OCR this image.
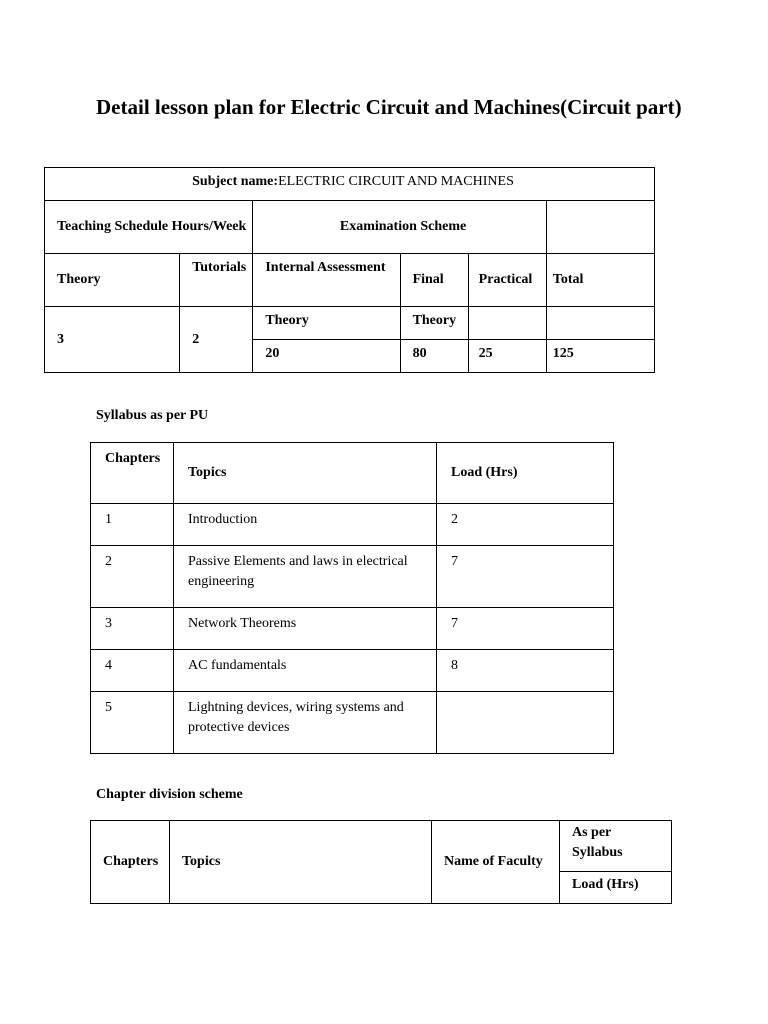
Detail lesson plan for Electric Circuit and Machines(Circuit part)
Subject name:ELECTRIC CIRCUIT AND MACHINES					
Teaching Schedule Hours/Week		Examination Scheme			
Theory	Tutorials	Internal Assessment	Final	Practical	Total
3	2	Theory	Theory		
		20	80	25	125

Syllabus as per PU

Chapters	Topics	Load (Hrs)
1	Introduction	2
2	Passive Elements and laws in electrical engineering	7
3	Network Theorems	7
4	AC fundamentals	8
5	Lightning devices, wiring systems and protective devices	

Chapter division scheme

Chapters	Topics	Name of Faculty	As per Syllabus
Load (Hrs)
